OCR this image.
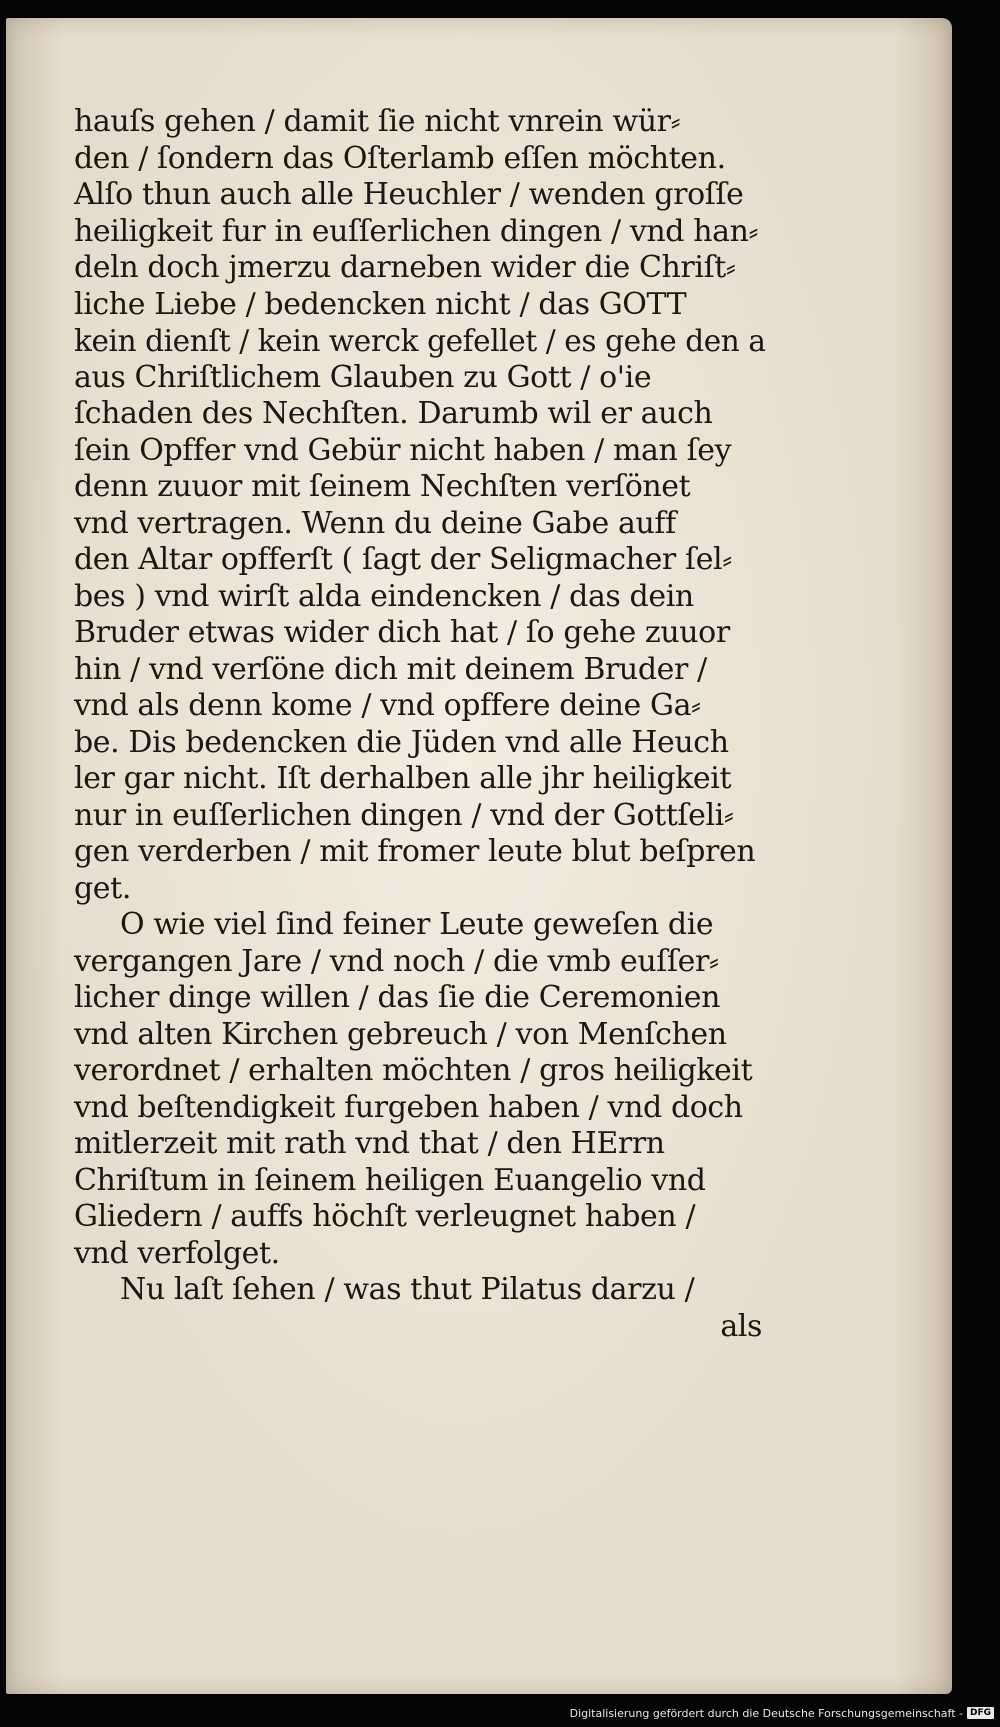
hauſs gehen / damit ſie nicht vnrein wür⸗
den / ſondern das Oſterlamb eſſen möchten.
Alſo thun auch alle Heuchler / wenden groſſe
heiligkeit fur in euſſerlichen dingen / vnd han⸗
deln doch jmerzu darneben wider die Chriſt⸗
liche Liebe / bedencken nicht / das GOTT
kein dienſt / kein werck gefellet / es gehe den a
aus Chriſtlichem Glauben zu Gott / o'ie
ſchaden des Nechſten. Darumb wil er auch
ſein Opffer vnd Gebür nicht haben / man ſey
denn zuuor mit ſeinem Nechſten verſönet
vnd vertragen. Wenn du deine Gabe auff
den Altar opfferſt ( ſagt der Seligmacher ſel⸗
bes ) vnd wirſt alda eindencken / das dein
Bruder etwas wider dich hat / ſo gehe zuuor
hin / vnd verſöne dich mit deinem Bruder /
vnd als denn kome / vnd opffere deine Ga⸗
be. Dis bedencken die Jüden vnd alle Heuch
ler gar nicht. Iſt derhalben alle jhr heiligkeit
nur in euſſerlichen dingen / vnd der Gottſeli⸗
gen verderben / mit fromer leute blut beſpren
get.
O wie viel ſind feiner Leute geweſen die
vergangen Jare / vnd noch / die vmb euſſer⸗
licher dinge willen / das ſie die Ceremonien
vnd alten Kirchen gebreuch / von Menſchen
verordnet / erhalten möchten / gros heiligkeit
vnd beſtendigkeit furgeben haben / vnd doch
mitlerzeit mit rath vnd that / den HErrn
Chriſtum in ſeinem heiligen Euangelio vnd
Gliedern / auffs höchſt verleugnet haben /
vnd verfolget.
Nu laſt ſehen / was thut Pilatus darzu /
als
Digitalisierung gefördert durch die Deutsche Forschungsgemeinschaft - DFG
